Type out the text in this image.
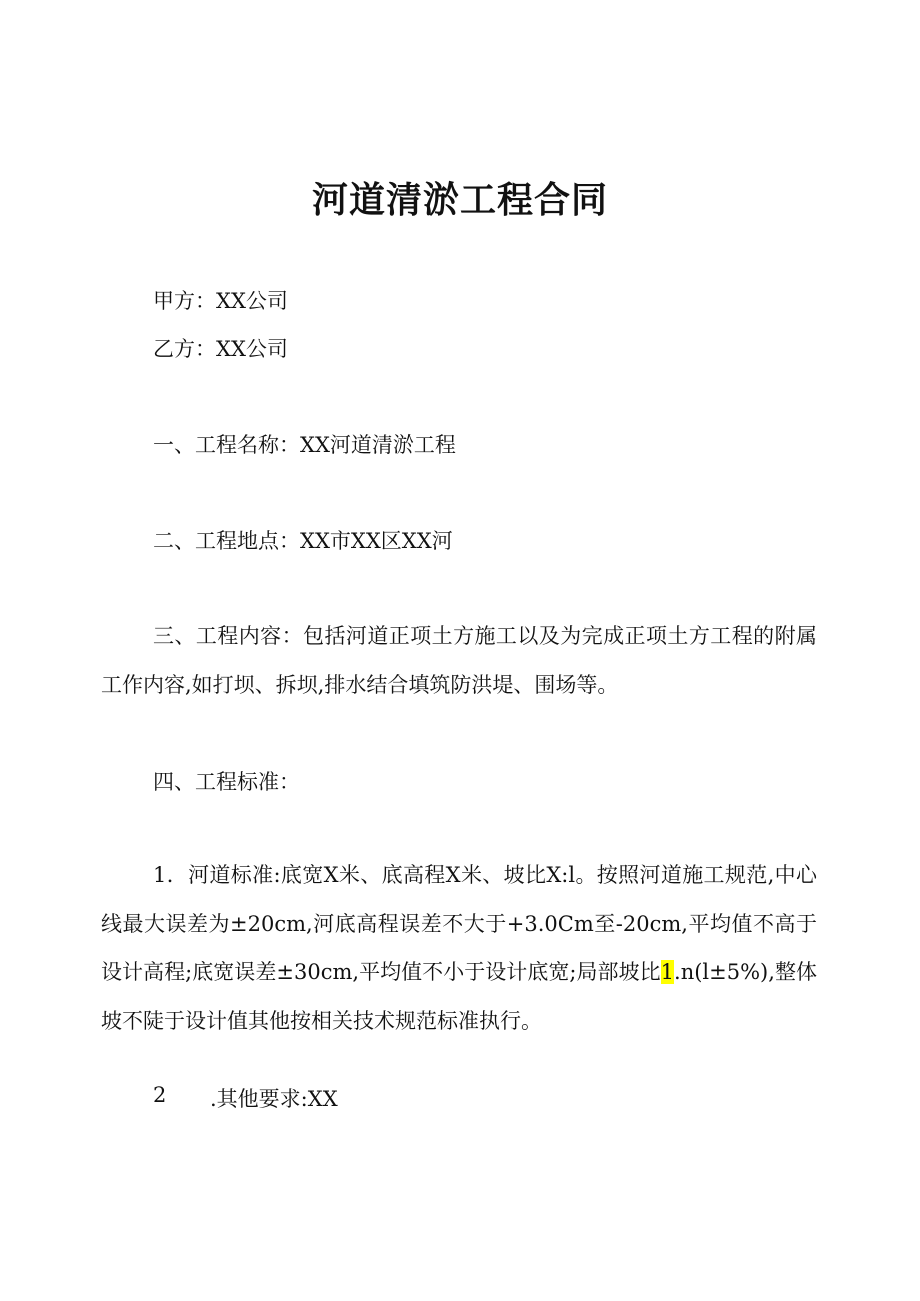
河道清淤工程合同

甲方：XX公司

乙方：XX公司

一、工程名称：XX河道清淤工程

二、工程地点：XX市XX区XX河

三、工程内容：包括河道正项土方施工以及为完成正项土方工程的附属工作内容,如打坝、拆坝,排水结合填筑防洪堤、围场等。

四、工程标准：

1．河道标准:底宽X米、底高程X米、坡比X:l。按照河道施工规范,中心线最大误差为±20cm,河底高程误差不大于+3.0Cm至-20cm,平均值不高于设计高程;底宽误差±30cm,平均值不小于设计底宽;局部坡比1.n(l±5%),整体坡不陡于设计值其他按相关技术规范标准执行。

2 .其他要求:XX
